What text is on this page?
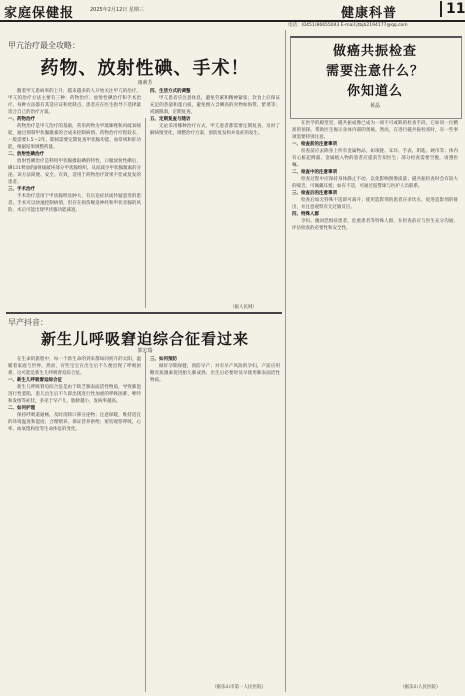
家庭保健报	2025年2月12日 星期三	健康科普	11
电话：(0451)86655043 E-mail:jtbjb2194177@qq.com
甲亢治疗最全攻略：
药物、放射性碘、手术！
康素芳

随着甲亢患病率的上升，越来越多的人开始关注甲亢的治疗。甲亢的治疗方法主要有三种：药物治疗、放射性碘治疗和手术治疗。每种方法都有其适应证和优缺点，患者应在医生指导下选择最适合自己的治疗方案。

一、药物治疗

药物治疗是甲亢治疗的基础，常用药物为甲巯咪唑和丙硫氧嘧啶，通过抑制甲状腺激素的合成来控制病情。药物治疗疗程较长，一般需要1.5～2年，期间需要定期复查甲状腺功能、血常规和肝功能，根据结果调整药量。

二、放射性碘治疗

放射性碘治疗是利用甲状腺摄取碘的特性，口服放射性碘后，碘131释放的β射线破坏部分甲状腺组织，从而减少甲状腺激素的分泌。该方法简便、安全、有效，适用于药物治疗效果不佳或复发的患者。

三、手术治疗

手术治疗适用于甲状腺明显肿大、有压迫症状或怀疑恶变的患者。手术可以快速控制病情，但存在损伤喉返神经和甲状旁腺的风险，术后可能出现甲状腺功能减退。

四、生活方式的调整

甲亢患者应注意休息，避免劳累和精神紧张；饮食上应保证充足的热量和蛋白质，避免摄入含碘高的食物如海带、紫菜等；戒烟限酒，定期复查。

五、定期复查与随访

无论采用哪种治疗方式，甲亢患者都需要定期复查，及时了解病情变化，调整治疗方案，预防复发和并发症的发生。

（据人民网）
早产抖音：
新生儿呼吸窘迫综合征看过来
郭宏瑞

在生命的旅程中，每一个新生命的到来都如同初升的太阳，温暖着家庭与世界。然而，有些宝宝在出生后不久便出现了呼吸困难，这可能是新生儿呼吸窘迫综合征。

一、新生儿呼吸窘迫综合征

新生儿呼吸窘迫综合征是由于缺乏肺表面活性物质，导致肺泡进行性萎陷，患儿出生后不久即出现进行性加重的呼吸困难、呻吟和发绀等症状，多见于早产儿，胎龄越小，发病率越高。

二、如何护理

保持呼吸道通畅，及时清除口鼻分泌物；注意保暖，维持适宜的环境温度和湿度；合理喂养，保证营养供给；密切观察呼吸、心率、血氧饱和度等生命体征的变化。

三、如何预防

做好孕期保健，预防早产；对有早产风险的孕妇，产前应用糖皮质激素促进胎儿肺成熟；出生后必要时及早使用肺表面活性物质。

（据乐山市第一人民医院）
做癌共振检查
需要注意什么？
你知道么
黄晶

在医学的殿堂里，磁共振成像已成为一项不可或缺的检查手段，它如同一位精准的侦探，帮助医生揭示身体内部的奥秘。然而，在进行磁共振检查时，有一些事项需要特别注意。

一、检查前的注意事项

检查前应去除身上所有金属物品，如项链、耳环、手表、钥匙、硬币等；体内有心脏起搏器、金属植入物的患者应提前告知医生；部分检查需要空腹，请遵医嘱。

二、检查中的注意事项

检查过程中应保持身体静止不动，以免影响图像质量；磁共振检查时会有较大的噪音，可佩戴耳塞；如有不适，可通过报警球与医护人员联系。

三、检查后的注意事项

检查后如无特殊不适即可离开；使用造影剂的患者应多饮水，促进造影剂的排出，并注意观察有无过敏反应。

四、特殊人群

孕妇、幽闭恐惧症患者、危重患者等特殊人群，在检查前应与医生充分沟通，评估检查的必要性和安全性。

（据乐山人民医院）
